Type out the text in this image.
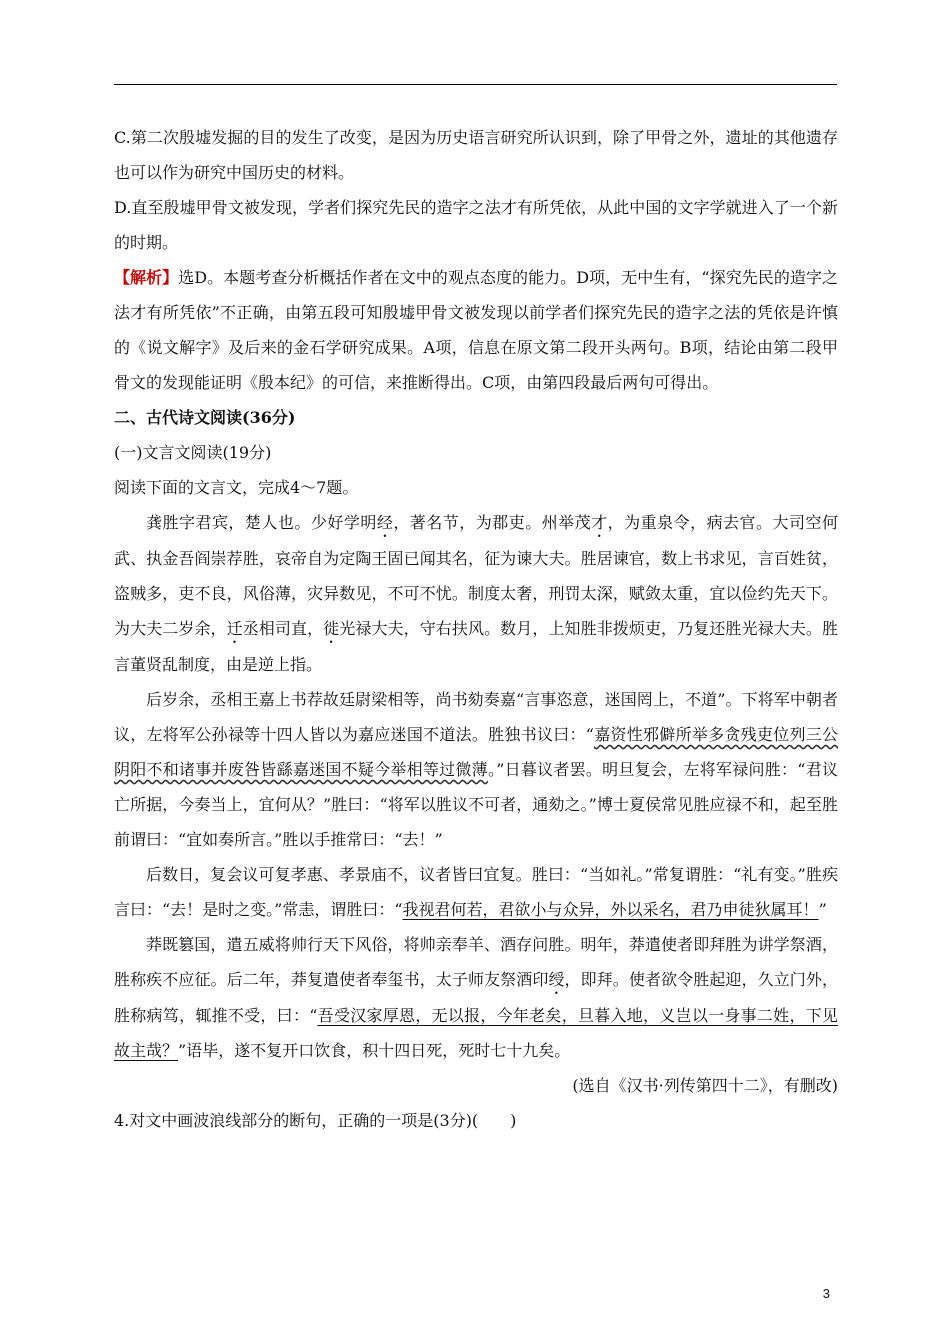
C.第二次殷墟发掘的目的发生了改变，是因为历史语言研究所认识到，除了甲骨之外，遗址的其他遗存也可以作为研究中国历史的材料。

D.直至殷墟甲骨文被发现，学者们探究先民的造字之法才有所凭依，从此中国的文字学就进入了一个新的时期。

【解析】选D。本题考查分析概括作者在文中的观点态度的能力。D项，无中生有，“探究先民的造字之法才有所凭依”不正确，由第五段可知殷墟甲骨文被发现以前学者们探究先民的造字之法的凭依是许慎的《说文解字》及后来的金石学研究成果。A项，信息在原文第二段开头两句。B项，结论由第二段甲骨文的发现能证明《殷本纪》的可信，来推断得出。C项，由第四段最后两句可得出。

二、古代诗文阅读(36分)

(一)文言文阅读(19分)

阅读下面的文言文，完成4～7题。

龚胜字君宾，楚人也。少好学明经，著名节，为郡吏。州举茂才，为重泉令，病去官。大司空何武、执金吾阎崇荐胜，哀帝自为定陶王固已闻其名，征为谏大夫。胜居谏官，数上书求见，言百姓贫，盗贼多，吏不良，风俗薄，灾异数见，不可不忧。制度太奢，刑罚太深，赋敛太重，宜以俭约先天下。为大夫二岁余，迁丞相司直，徙光禄大夫，守右扶风。数月，上知胜非拨烦吏，乃复还胜光禄大夫。胜言董贤乱制度，由是逆上指。

后岁余，丞相王嘉上书荐故廷尉梁相等，尚书劾奏嘉“言事恣意，迷国罔上，不道”。下将军中朝者议，左将军公孙禄等十四人皆以为嘉应迷国不道法。胜独书议曰：“嘉资性邪僻所举多贪残吏位列三公阴阳不和诸事并废咎皆繇嘉迷国不疑今举相等过微薄。”日暮议者罢。明旦复会，左将军禄问胜：“君议亡所据，今奏当上，宜何从？”胜曰：“将军以胜议不可者，通劾之。”博士夏侯常见胜应禄不和，起至胜前谓曰：“宜如奏所言。”胜以手推常曰：“去！”

后数日，复会议可复孝惠、孝景庙不，议者皆曰宜复。胜曰：“当如礼。”常复谓胜：“礼有变。”胜疾言曰：“去！是时之变。”常恚，谓胜曰：“我视君何若，君欲小与众异，外以采名，君乃申徒狄属耳！”

莽既篡国，遣五威将帅行天下风俗，将帅亲奉羊、酒存问胜。明年，莽遣使者即拜胜为讲学祭酒，胜称疾不应征。后二年，莽复遣使者奉玺书，太子师友祭酒印绶，即拜。使者欲令胜起迎，久立门外，胜称病笃，辄推不受，曰：“吾受汉家厚恩，无以报，今年老矣，旦暮入地，义岂以一身事二姓，下见故主哉？”语毕，遂不复开口饮食，积十四日死，死时七十九矣。

(选自《汉书·列传第四十二》，有删改)

4.对文中画波浪线部分的断句，正确的一项是(3分)(　　)

3
